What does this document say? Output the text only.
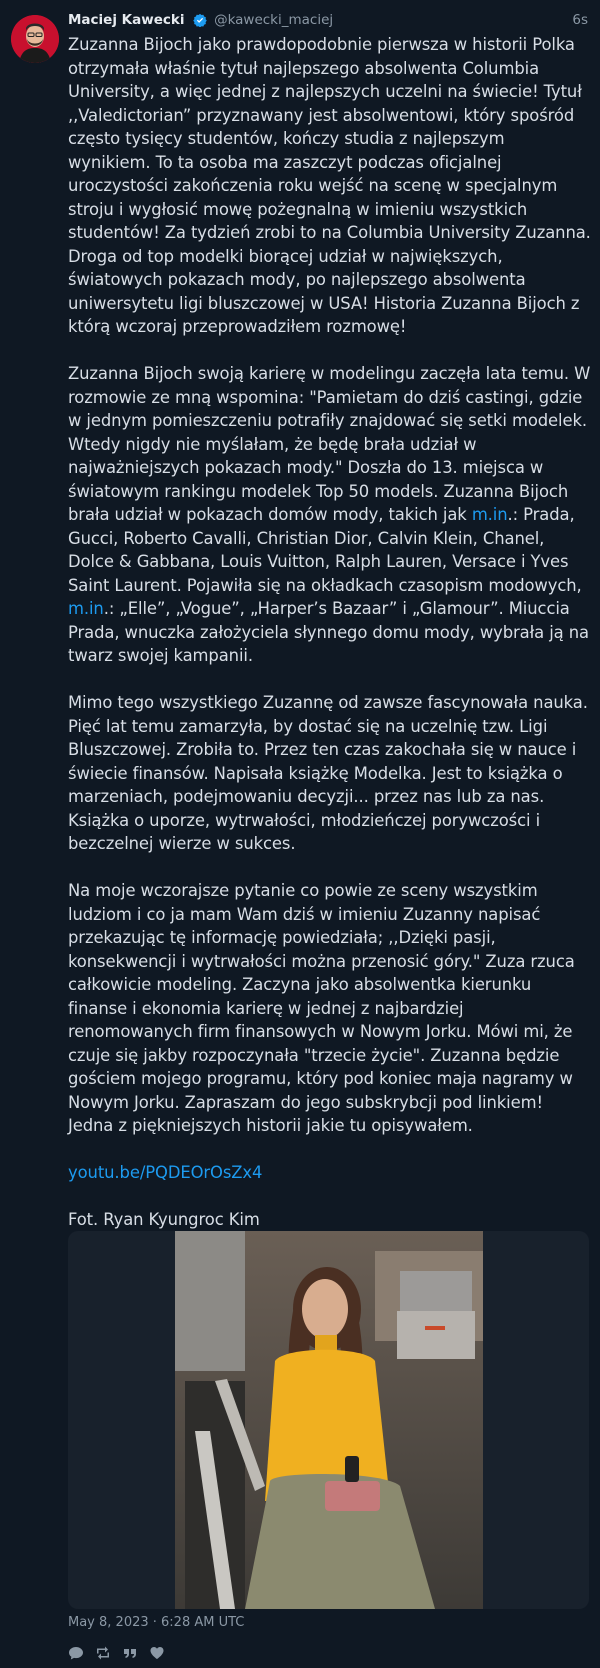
Maciej Kawecki @kawecki_maciej	6s

Zuzanna Bijoch jako prawdopodobnie pierwsza w historii Polka otrzymała właśnie tytuł najlepszego absolwenta Columbia University, a więc jednej z najlepszych uczelni na świecie! Tytuł ,,Valedictorian” przyznawany jest absolwentowi, który spośród często tysięcy studentów, kończy studia z najlepszym wynikiem. To ta osoba ma zaszczyt podczas oficjalnej uroczystości zakończenia roku wejść na scenę w specjalnym stroju i wygłosić mowę pożegnalną w imieniu wszystkich studentów! Za tydzień zrobi to na Columbia University Zuzanna. Droga od top modelki biorącej udział w największych, światowych pokazach mody, po najlepszego absolwenta uniwersytetu ligi bluszczowej w USA! Historia Zuzanna Bijoch z którą wczoraj przeprowadziłem rozmowę!

Zuzanna Bijoch swoją karierę w modelingu zaczęła lata temu. W rozmowie ze mną wspomina: "Pamietam do dziś castingi, gdzie w jednym pomieszczeniu potrafiły znajdować się setki modelek. Wtedy nigdy nie myślałam, że będę brała udział w najważniejszych pokazach mody." Doszła do 13. miejsca w światowym rankingu modelek Top 50 models. Zuzanna Bijoch brała udział w pokazach domów mody, takich jak m.in.: Prada, Gucci, Roberto Cavalli, Christian Dior, Calvin Klein, Chanel, Dolce & Gabbana, Louis Vuitton, Ralph Lauren, Versace i Yves Saint Laurent. Pojawiła się na okładkach czasopism modowych, m.in.: „Elle”, „Vogue”, „Harper’s Bazaar” i „Glamour”. Miuccia Prada, wnuczka założyciela słynnego domu mody, wybrała ją na twarz swojej kampanii.

Mimo tego wszystkiego Zuzannę od zawsze fascynowała nauka. Pięć lat temu zamarzyła, by dostać się na uczelnię tzw. Ligi Bluszczowej. Zrobiła to. Przez ten czas zakochała się w nauce i świecie finansów. Napisała książkę Modelka. Jest to książka o marzeniach, podejmowaniu decyzji... przez nas lub za nas. Książka o uporze, wytrwałości, młodzieńczej porywczości i bezczelnej wierze w sukces.

Na moje wczorajsze pytanie co powie ze sceny wszystkim ludziom i co ja mam Wam dziś w imieniu Zuzanny napisać przekazując tę informację powiedziała; ,,Dzięki pasji, konsekwencji i wytrwałości można przenosić góry." Zuza rzuca całkowicie modeling. Zaczyna jako absolwentka kierunku finanse i ekonomia karierę w jednej z najbardziej renomowanych firm finansowych w Nowym Jorku. Mówi mi, że czuje się jakby rozpoczynała "trzecie życie". Zuzanna będzie gościem mojego programu, który pod koniec maja nagramy w Nowym Jorku. Zapraszam do jego subskrybcji pod linkiem! Jedna z piękniejszych historii jakie tu opisywałem.

youtu.be/PQDEOrOsZx4

Fot. Ryan Kyungroc Kim

May 8, 2023 · 6:28 AM UTC
